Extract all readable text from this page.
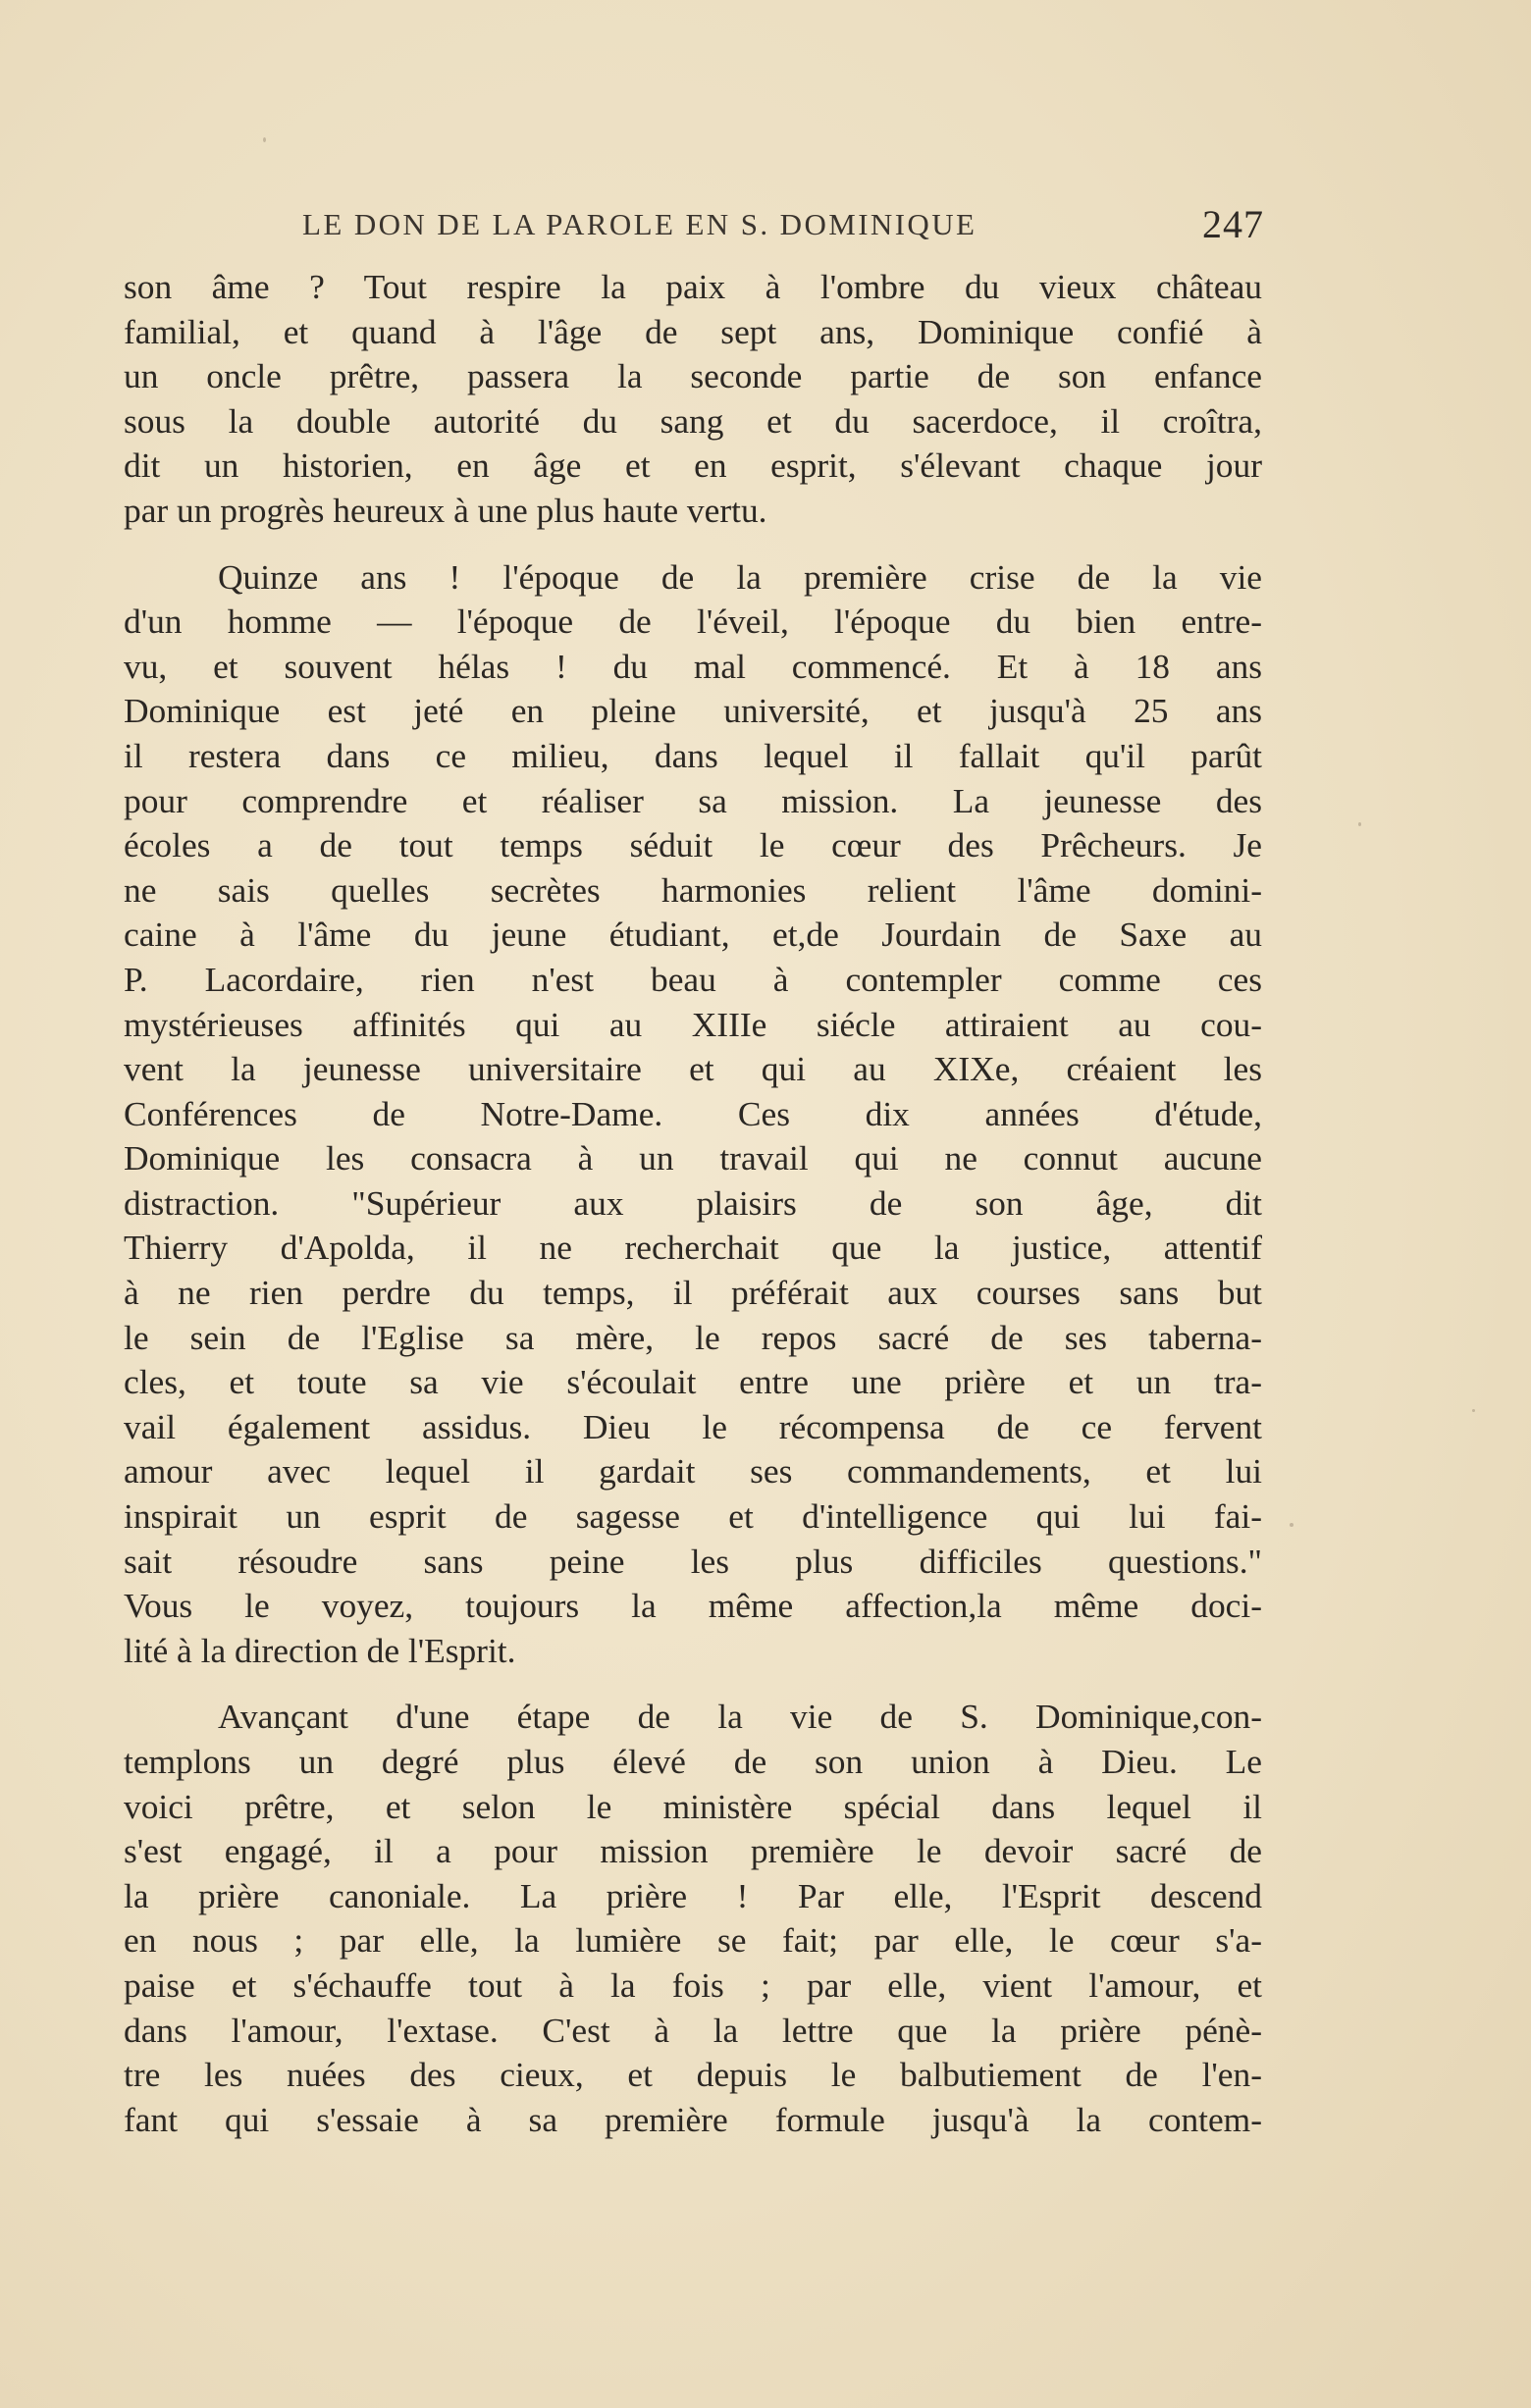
LE DON DE LA PAROLE EN S. DOMINIQUE	247
son âme ? Tout respire la paix à l'ombre du vieux château
familial, et quand à l'âge de sept ans, Dominique confié à
un oncle prêtre, passera la seconde partie de son enfance
sous la double autorité du sang et du sacerdoce, il croîtra,
dit un historien, en âge et en esprit, s'élevant chaque jour
par un progrès heureux à une plus haute vertu.
Quinze ans ! l'époque de la première crise de la vie
d'un homme — l'époque de l'éveil, l'époque du bien entre-
vu, et souvent hélas ! du mal commencé. Et à 18 ans
Dominique est jeté en pleine université, et jusqu'à 25 ans
il restera dans ce milieu, dans lequel il fallait qu'il parût
pour comprendre et réaliser sa mission. La jeunesse des
écoles a de tout temps séduit le cœur des Prêcheurs. Je
ne sais quelles secrètes harmonies relient l'âme domini-
caine à l'âme du jeune étudiant, et,de Jourdain de Saxe au
P. Lacordaire, rien n'est beau à contempler comme ces
mystérieuses affinités qui au XIIIe siécle attiraient au cou-
vent la jeunesse universitaire et qui au XIXe, créaient les
Conférences de Notre-Dame. Ces dix années d'étude,
Dominique les consacra à un travail qui ne connut aucune
distraction. "Supérieur aux plaisirs de son âge, dit
Thierry d'Apolda, il ne recherchait que la justice, attentif
à ne rien perdre du temps, il préférait aux courses sans but
le sein de l'Eglise sa mère, le repos sacré de ses taberna-
cles, et toute sa vie s'écoulait entre une prière et un tra-
vail également assidus. Dieu le récompensa de ce fervent
amour avec lequel il gardait ses commandements, et lui
inspirait un esprit de sagesse et d'intelligence qui lui fai-
sait résoudre sans peine les plus difficiles questions."
Vous le voyez, toujours la même affection,la même doci-
lité à la direction de l'Esprit.
Avançant d'une étape de la vie de S. Dominique,con-
templons un degré plus élevé de son union à Dieu. Le
voici prêtre, et selon le ministère spécial dans lequel il
s'est engagé, il a pour mission première le devoir sacré de
la prière canoniale. La prière ! Par elle, l'Esprit descend
en nous ; par elle, la lumière se fait; par elle, le cœur s'a-
paise et s'échauffe tout à la fois ; par elle, vient l'amour, et
dans l'amour, l'extase. C'est à la lettre que la prière pénè-
tre les nuées des cieux, et depuis le balbutiement de l'en-
fant qui s'essaie à sa première formule jusqu'à la contem-
